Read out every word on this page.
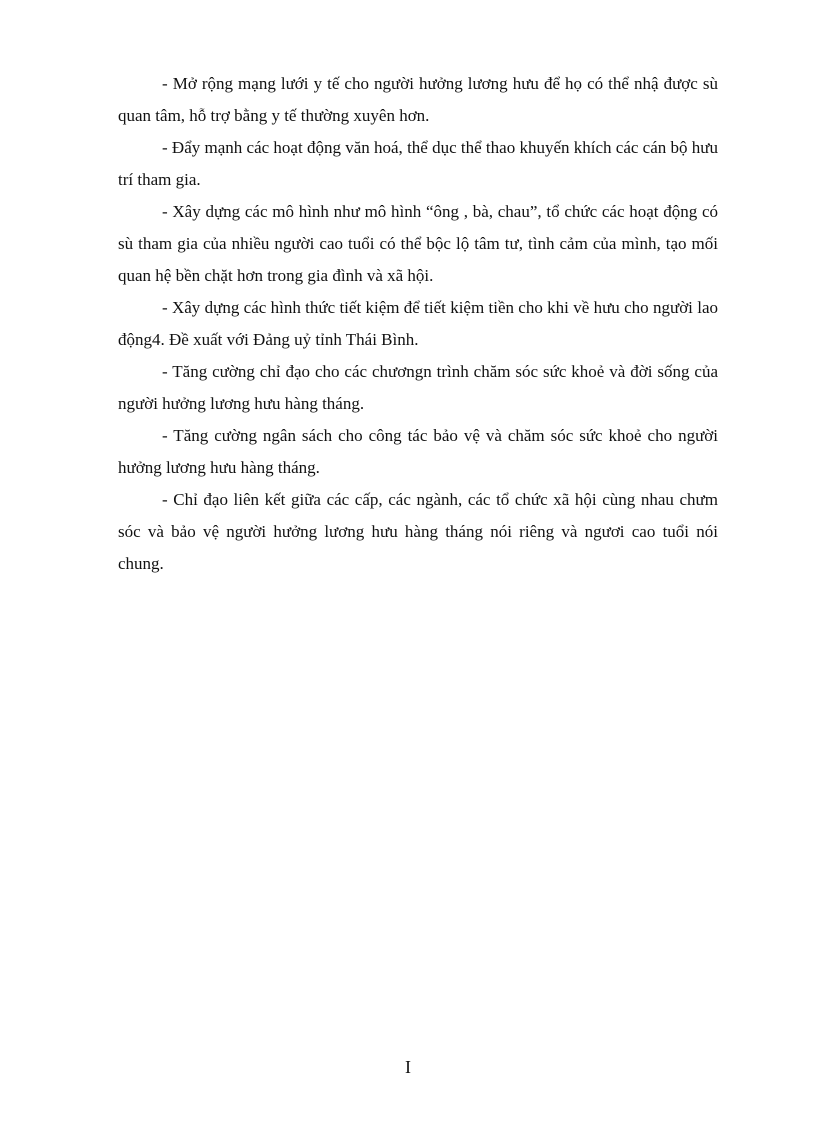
- Mở rộng mạng lưới y tế cho người hưởng lương hưu để họ có thể nhậ được sù quan tâm, hỗ trợ bằng y tế thường xuyên hơn.

- Đẩy mạnh các hoạt động văn hoá, thể dục thể thao khuyến khích các cán bộ hưu trí tham gia.

- Xây dựng các mô hình như mô hình “ông , bà, chau”, tổ chức các hoạt động có sù tham gia của nhiều người cao tuổi có thể bộc lộ tâm tư, tình cảm của mình, tạo mối quan hệ bền chặt hơn trong gia đình và xã hội.

- Xây dựng các hình thức tiết kiệm để tiết kiệm tiền cho khi về hưu cho người lao động4. Đề xuất với Đảng uỷ tỉnh Thái Bình.

- Tăng cường chỉ đạo cho các chươngn trình chăm sóc sức khoẻ và đời sống của người hưởng lương hưu hàng tháng.

- Tăng cường ngân sách cho công tác bảo vệ và chăm sóc sức khoẻ cho người hưởng lương hưu hàng tháng.

- Chỉ đạo liên kết giữa các cấp, các ngành, các tổ chức xã hội cùng nhau chưm sóc và bảo vệ người hưởng lương hưu hàng tháng nói riêng và ngươi cao tuổi nói chung.

I
